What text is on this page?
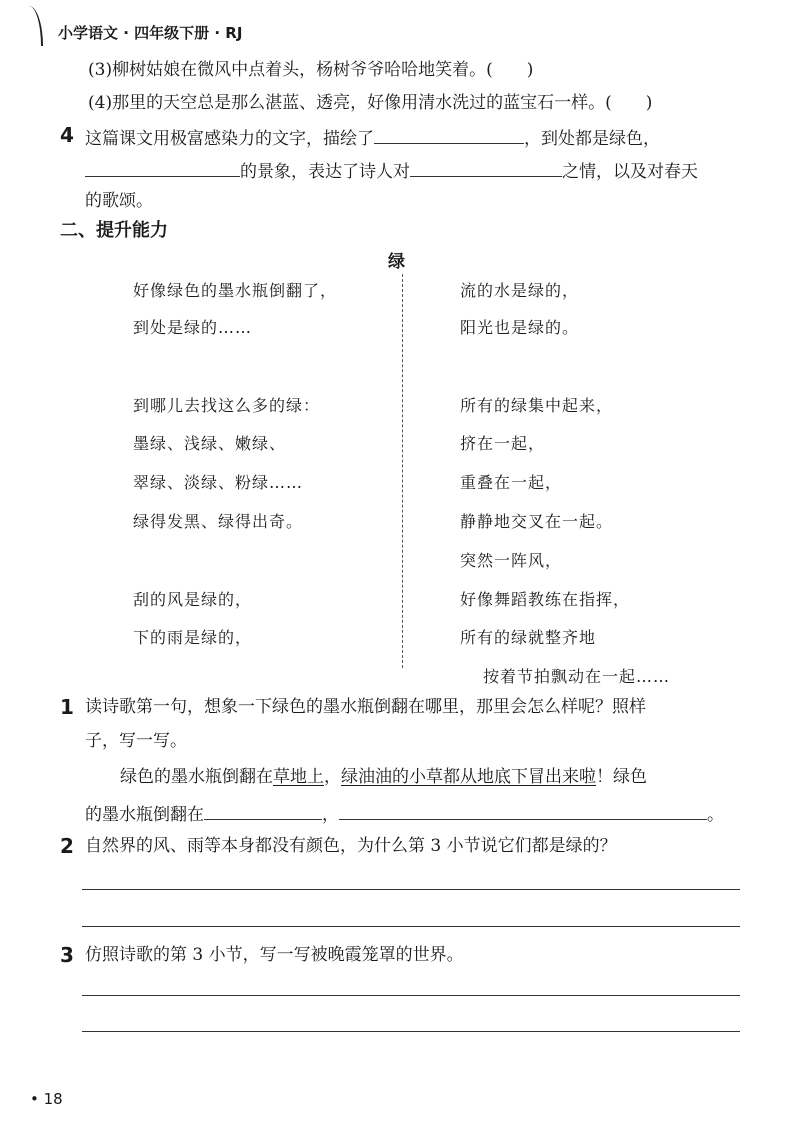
小学语文 · 四年级下册 · RJ
(3)柳树姑娘在微风中点着头，杨树爷爷哈哈地笑着。(　　)
(4)那里的天空总是那么湛蓝、透亮，好像用清水洗过的蓝宝石一样。(　　)
4 这篇课文用极富感染力的文字，描绘了	，到处都是绿色，
的景象，表达了诗人对	之情，以及对春天
的歌颂。
二、提升能力
绿
好像绿色的墨水瓶倒翻了，
到处是绿的……
到哪儿去找这么多的绿：
墨绿、浅绿、嫩绿、
翠绿、淡绿、粉绿……
绿得发黑、绿得出奇。
刮的风是绿的，
下的雨是绿的，
流的水是绿的，
阳光也是绿的。
所有的绿集中起来，
挤在一起，
重叠在一起，
静静地交叉在一起。
突然一阵风，
好像舞蹈教练在指挥，
所有的绿就整齐地
按着节拍飘动在一起……
1 读诗歌第一句，想象一下绿色的墨水瓶倒翻在哪里，那里会怎么样呢？照样
子，写一写。
绿色的墨水瓶倒翻在草地上，绿油油的小草都从地底下冒出来啦！绿色
的墨水瓶倒翻在	，	。
2 自然界的风、雨等本身都没有颜色，为什么第 3 小节说它们都是绿的？
3 仿照诗歌的第 3 小节，写一写被晚霞笼罩的世界。
• 18
